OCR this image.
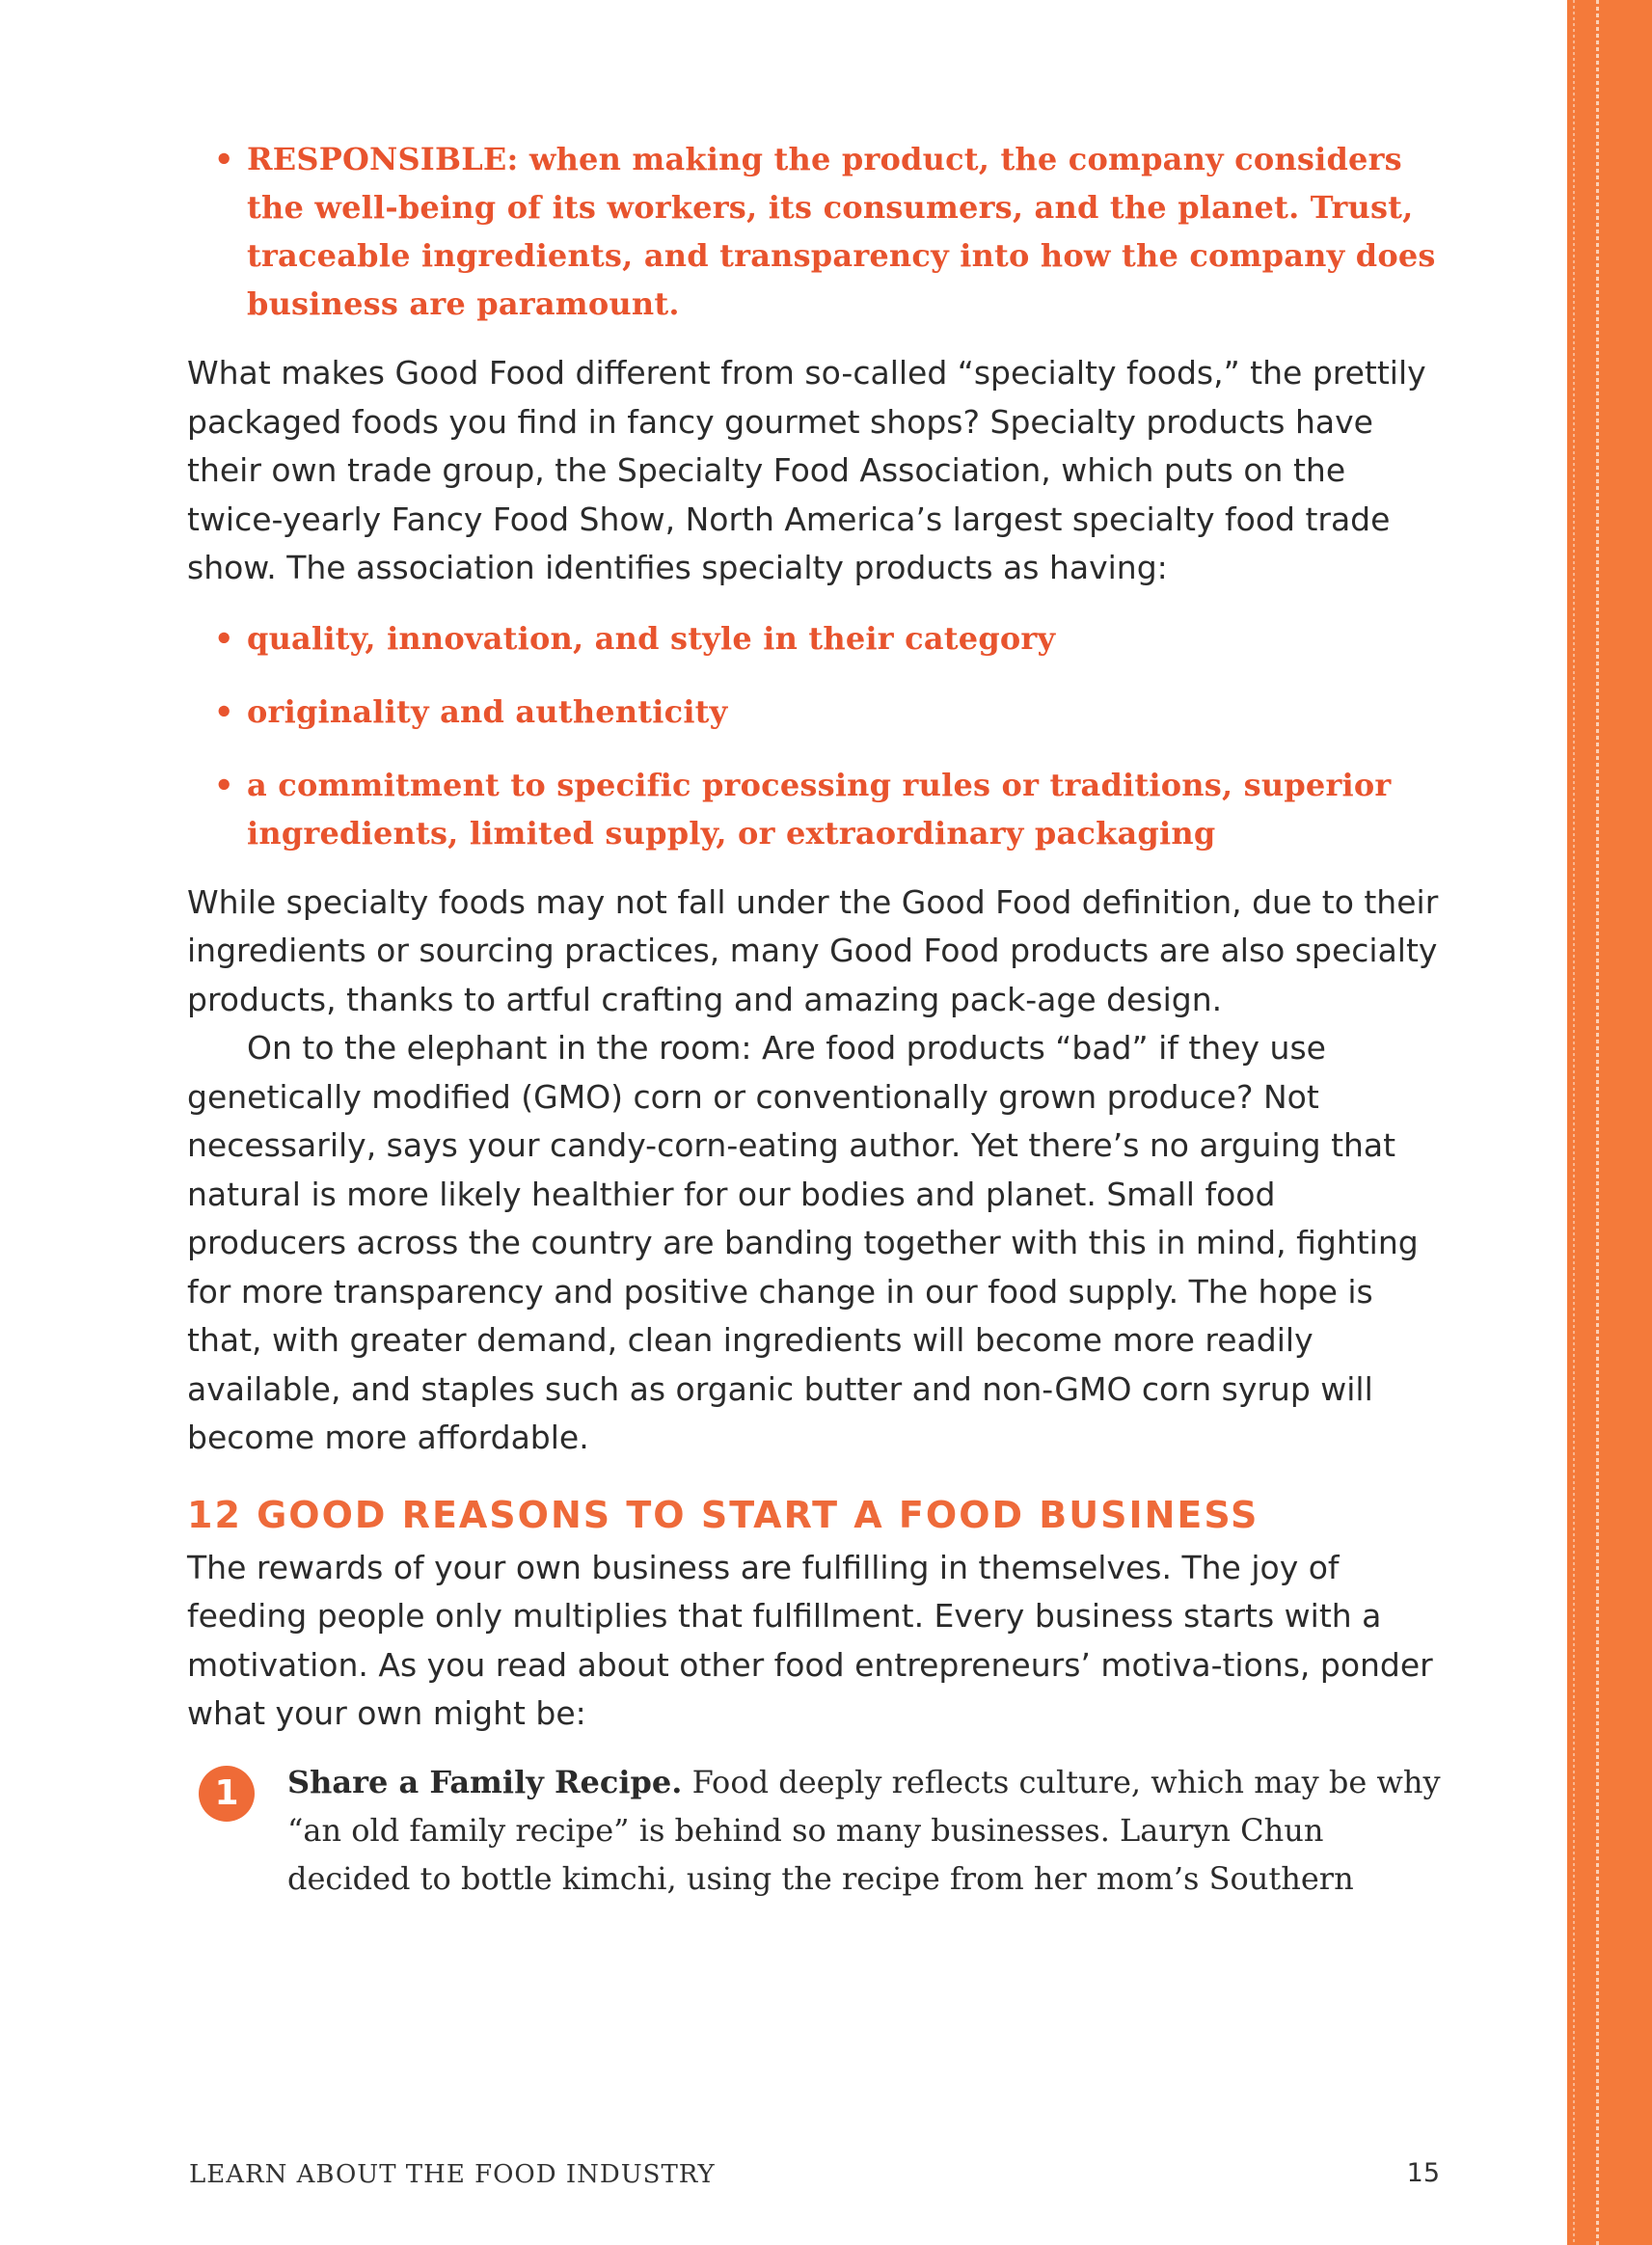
• RESPONSIBLE: when making the product, the company considers the well-being of its workers, its consumers, and the planet. Trust, traceable ingredients, and transparency into how the company does business are paramount.

What makes Good Food different from so-called “specialty foods,” the prettily packaged foods you find in fancy gourmet shops? Specialty products have their own trade group, the Specialty Food Association, which puts on the twice-yearly Fancy Food Show, North America’s largest specialty food trade show. The association identifies specialty products as having:

• quality, innovation, and style in their category
• originality and authenticity
• a commitment to specific processing rules or traditions, superior ingredients, limited supply, or extraordinary packaging

While specialty foods may not fall under the Good Food definition, due to their ingredients or sourcing practices, many Good Food products are also specialty products, thanks to artful crafting and amazing pack-age design.

On to the elephant in the room: Are food products “bad” if they use genetically modified (GMO) corn or conventionally grown produce? Not necessarily, says your candy-corn-eating author. Yet there’s no arguing that natural is more likely healthier for our bodies and planet. Small food producers across the country are banding together with this in mind, fighting for more transparency and positive change in our food supply. The hope is that, with greater demand, clean ingredients will become more readily available, and staples such as organic butter and non-GMO corn syrup will become more affordable.

12 GOOD REASONS TO START A FOOD BUSINESS

The rewards of your own business are fulfilling in themselves. The joy of feeding people only multiplies that fulfillment. Every business starts with a motivation. As you read about other food entrepreneurs’ motiva-tions, ponder what your own might be:

1	Share a Family Recipe. Food deeply reflects culture, which may be why “an old family recipe” is behind so many businesses. Lauryn Chun decided to bottle kimchi, using the recipe from her mom’s Southern
LEARN ABOUT THE FOOD INDUSTRY	15
